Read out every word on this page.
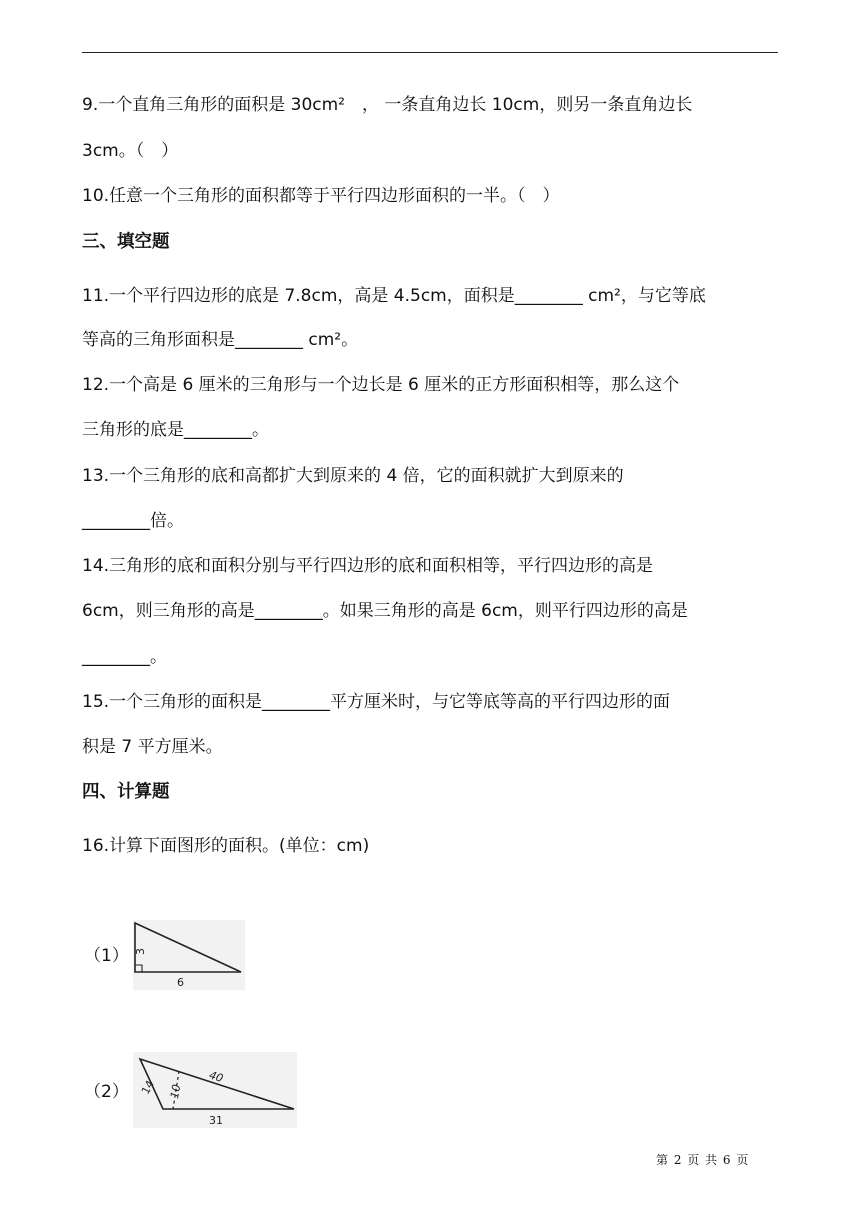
9.一个直角三角形的面积是 30cm²　， 一条直角边长 10cm，则另一条直角边长
3cm。（　）
10.任意一个三角形的面积都等于平行四边形面积的一半。（　）
三、填空题
11.一个平行四边形的底是 7.8cm，高是 4.5cm，面积是________ cm²，与它等底
等高的三角形面积是________ cm²。
12.一个高是 6 厘米的三角形与一个边长是 6 厘米的正方形面积相等，那么这个
三角形的底是________。
13.一个三角形的底和高都扩大到原来的 4 倍，它的面积就扩大到原来的
________倍。
14.三角形的底和面积分别与平行四边形的底和面积相等，平行四边形的高是
6cm，则三角形的高是________。如果三角形的高是 6cm，则平行四边形的高是
________。
15.一个三角形的面积是________平方厘米时，与它等底等高的平行四边形的面
积是 7 平方厘米。
四、计算题
16.计算下面图形的面积。(单位：cm)
（1） 3
6
（2） 14 10
40
31
第 2 页 共 6 页
